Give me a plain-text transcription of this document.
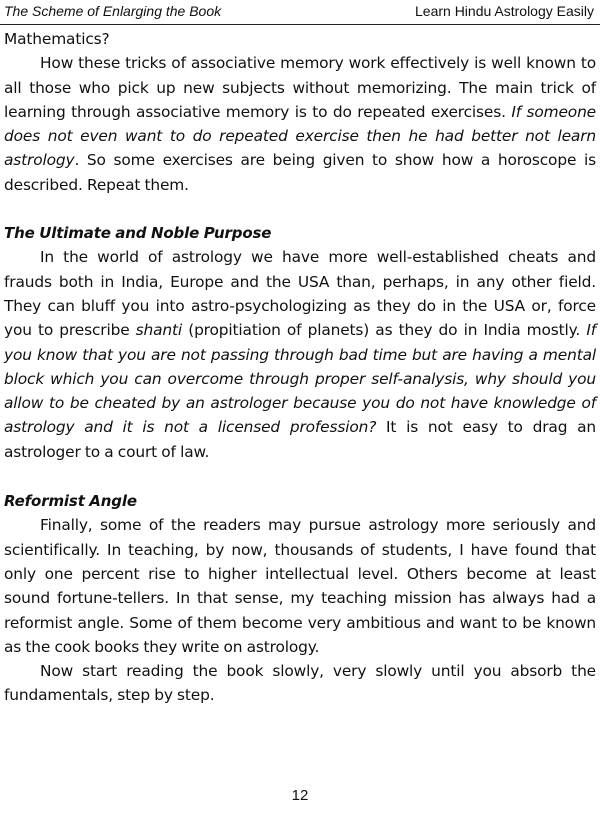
The Scheme of Enlarging the Book	Learn Hindu Astrology Easily

Mathematics?

How these tricks of associative memory work effectively is well known to all those who pick up new subjects without memorizing. The main trick of learning through associative memory is to do repeated exercises. If someone does not even want to do repeated exercise then he had better not learn astrology. So some exercises are being given to show how a horoscope is described. Repeat them.

The Ultimate and Noble Purpose

In the world of astrology we have more well-established cheats and frauds both in India, Europe and the USA than, perhaps, in any other field. They can bluff you into astro-psychologizing as they do in the USA or, force you to prescribe shanti (propitiation of planets) as they do in India mostly. If you know that you are not passing through bad time but are having a mental block which you can overcome through proper self-analysis, why should you allow to be cheated by an astrologer because you do not have knowledge of astrology and it is not a licensed profession? It is not easy to drag an astrologer to a court of law.

Reformist Angle

Finally, some of the readers may pursue astrology more seriously and scientifically. In teaching, by now, thousands of students, I have found that only one percent rise to higher intellectual level. Others become at least sound fortune-tellers. In that sense, my teaching mission has always had a reformist angle. Some of them become very ambitious and want to be known as the cook books they write on astrology.

Now start reading the book slowly, very slowly until you absorb the fundamentals, step by step.

12
